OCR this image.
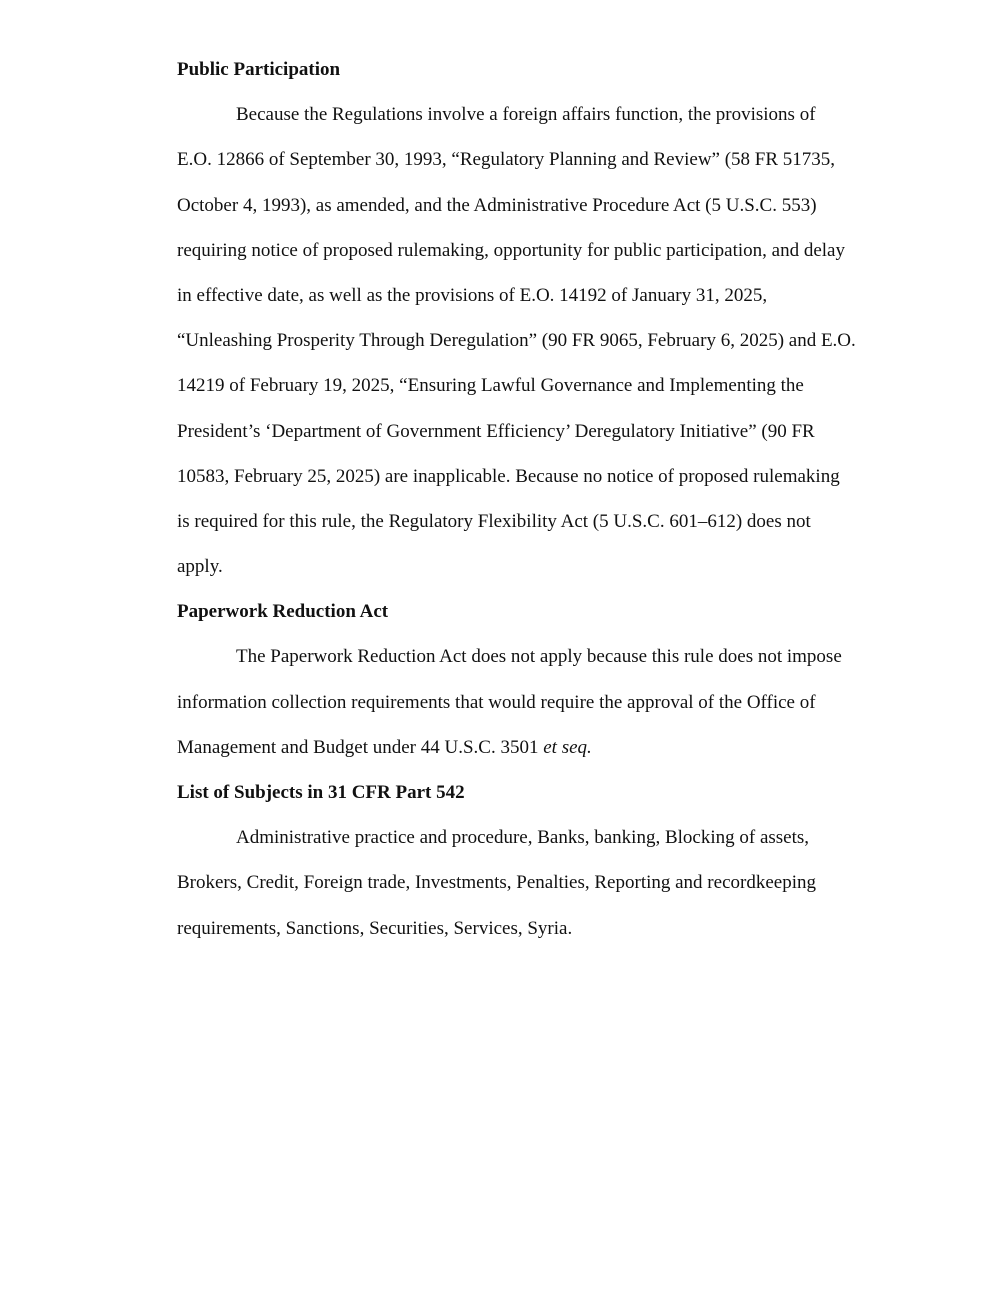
Public Participation
Because the Regulations involve a foreign affairs function, the provisions of
E.O. 12866 of September 30, 1993, “Regulatory Planning and Review” (58 FR 51735,
October 4, 1993), as amended, and the Administrative Procedure Act (5 U.S.C. 553)
requiring notice of proposed rulemaking, opportunity for public participation, and delay
in effective date, as well as the provisions of E.O. 14192 of January 31, 2025,
“Unleashing Prosperity Through Deregulation” (90 FR 9065, February 6, 2025) and E.O.
14219 of February 19, 2025, “Ensuring Lawful Governance and Implementing the
President’s ‘Department of Government Efficiency’ Deregulatory Initiative” (90 FR
10583, February 25, 2025) are inapplicable. Because no notice of proposed rulemaking
is required for this rule, the Regulatory Flexibility Act (5 U.S.C. 601–612) does not
apply.
Paperwork Reduction Act
The Paperwork Reduction Act does not apply because this rule does not impose
information collection requirements that would require the approval of the Office of
Management and Budget under 44 U.S.C. 3501 et seq.
List of Subjects in 31 CFR Part 542
Administrative practice and procedure, Banks, banking, Blocking of assets,
Brokers, Credit, Foreign trade, Investments, Penalties, Reporting and recordkeeping
requirements, Sanctions, Securities, Services, Syria.
